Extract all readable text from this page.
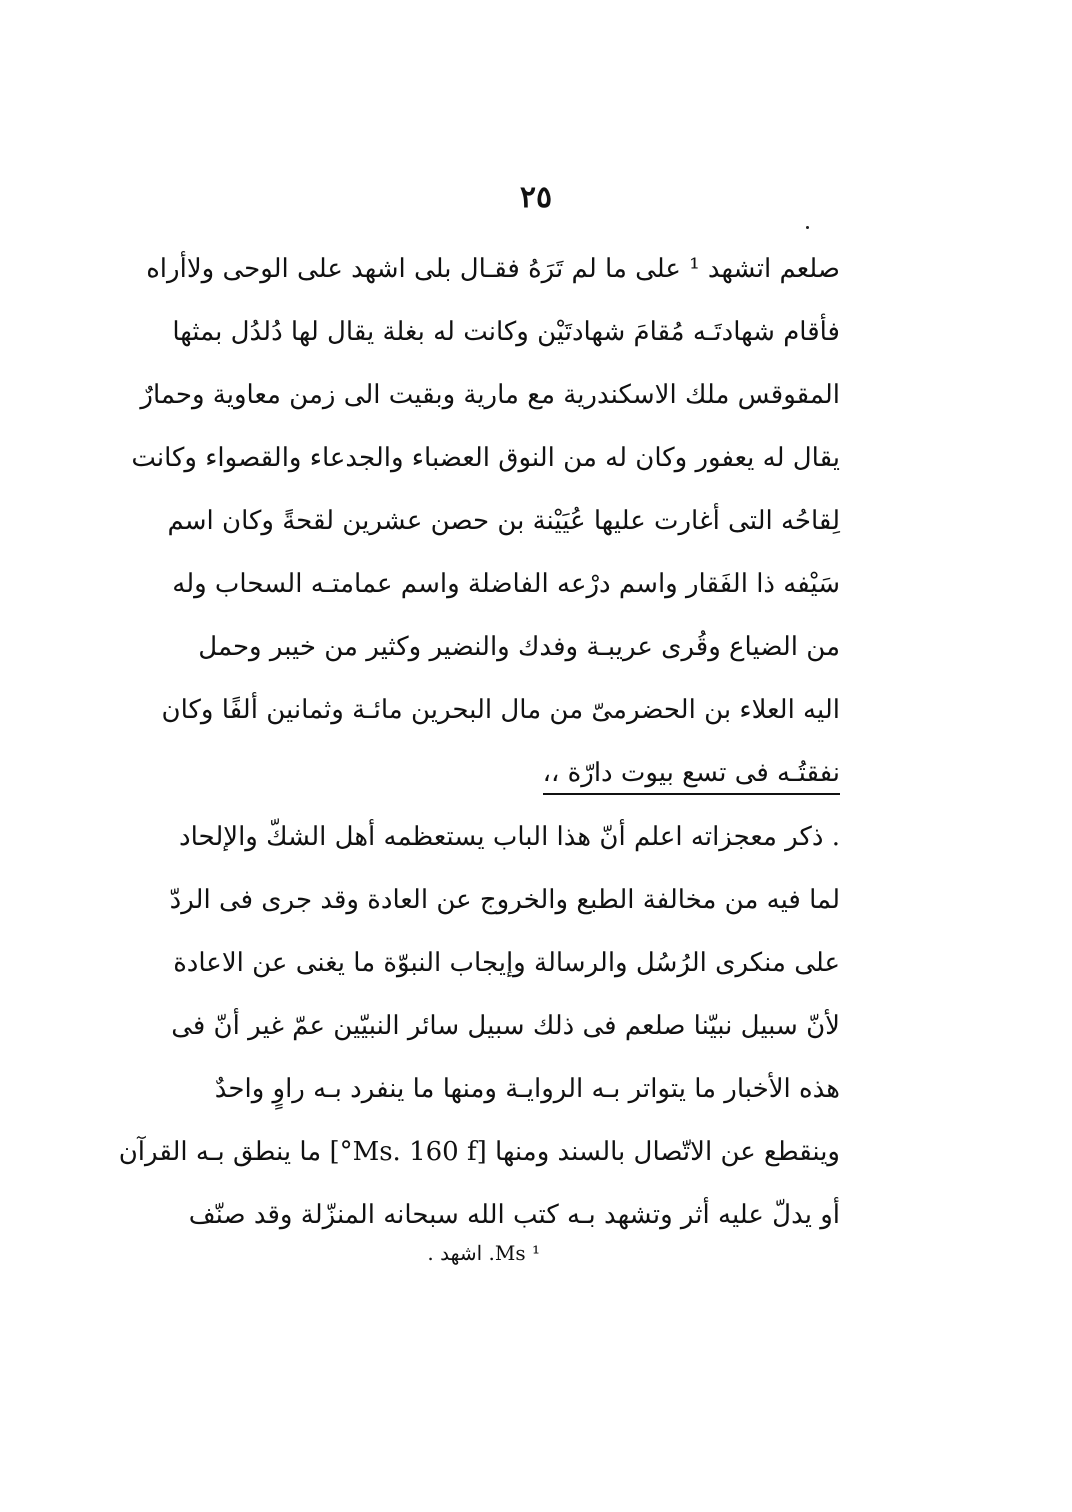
٢٥
صلعم اتشهد ¹ على ما لم تَرَهُ فقـال بلى اشهد على الوحى ولاأراه
فأقام شهادتَـه مُقامَ شهادتَيْن وكانت له بغلة يقال لها دُلدُل بمثها
المقوقس ملك الاسكندرية مع مارية وبقيت الى زمن معاوية وحمارٌ
يقال له يعفور وكان له من النوق العضباء والجدعاء والقصواء وكانت
لِقاحُه التى أغارت عليها عُيَيْنة بن حصن عشرين لقحةً وكان اسم
سَيْفه ذا الفَقار واسم درْعه الفاضلة واسم عمامتـه السحاب وله
من الضياع وقُرى عريبـة وفدك والنضير وكثير من خيبر وحمل
اليه العلاء بن الحضرمىّ من مال البحرين مائـة وثمانين ألفًا وكان
نفقتُـه فى تسع بيوت دارّة ،،
. ذكر معجزاته اعلم أنّ هذا الباب يستعظمه أهل الشكّ والإلحاد
لما فيه من مخالفة الطبع والخروج عن العادة وقد جرى فى الردّ
على منكرى الرُسُل والرسالة وإيجاب النبوّة ما يغنى عن الاعادة
لأنّ سبيل نبيّنا صلعم فى ذلك سبيل سائر النبيّين عمّ غير أنّ فى
هذه الأخبار ما يتواتر بـه الروايـة ومنها ما ينفرد بـه راوٍ واحدٌ
وينقطع عن الاتّصال بالسند ومنها [Ms. 160 f°] ما ينطق بـه القرآن
أو يدلّ عليه أثر وتشهد بـه كتب الله سبحانه المنزّلة وقد صنّف
¹ Ms. اشهد .
